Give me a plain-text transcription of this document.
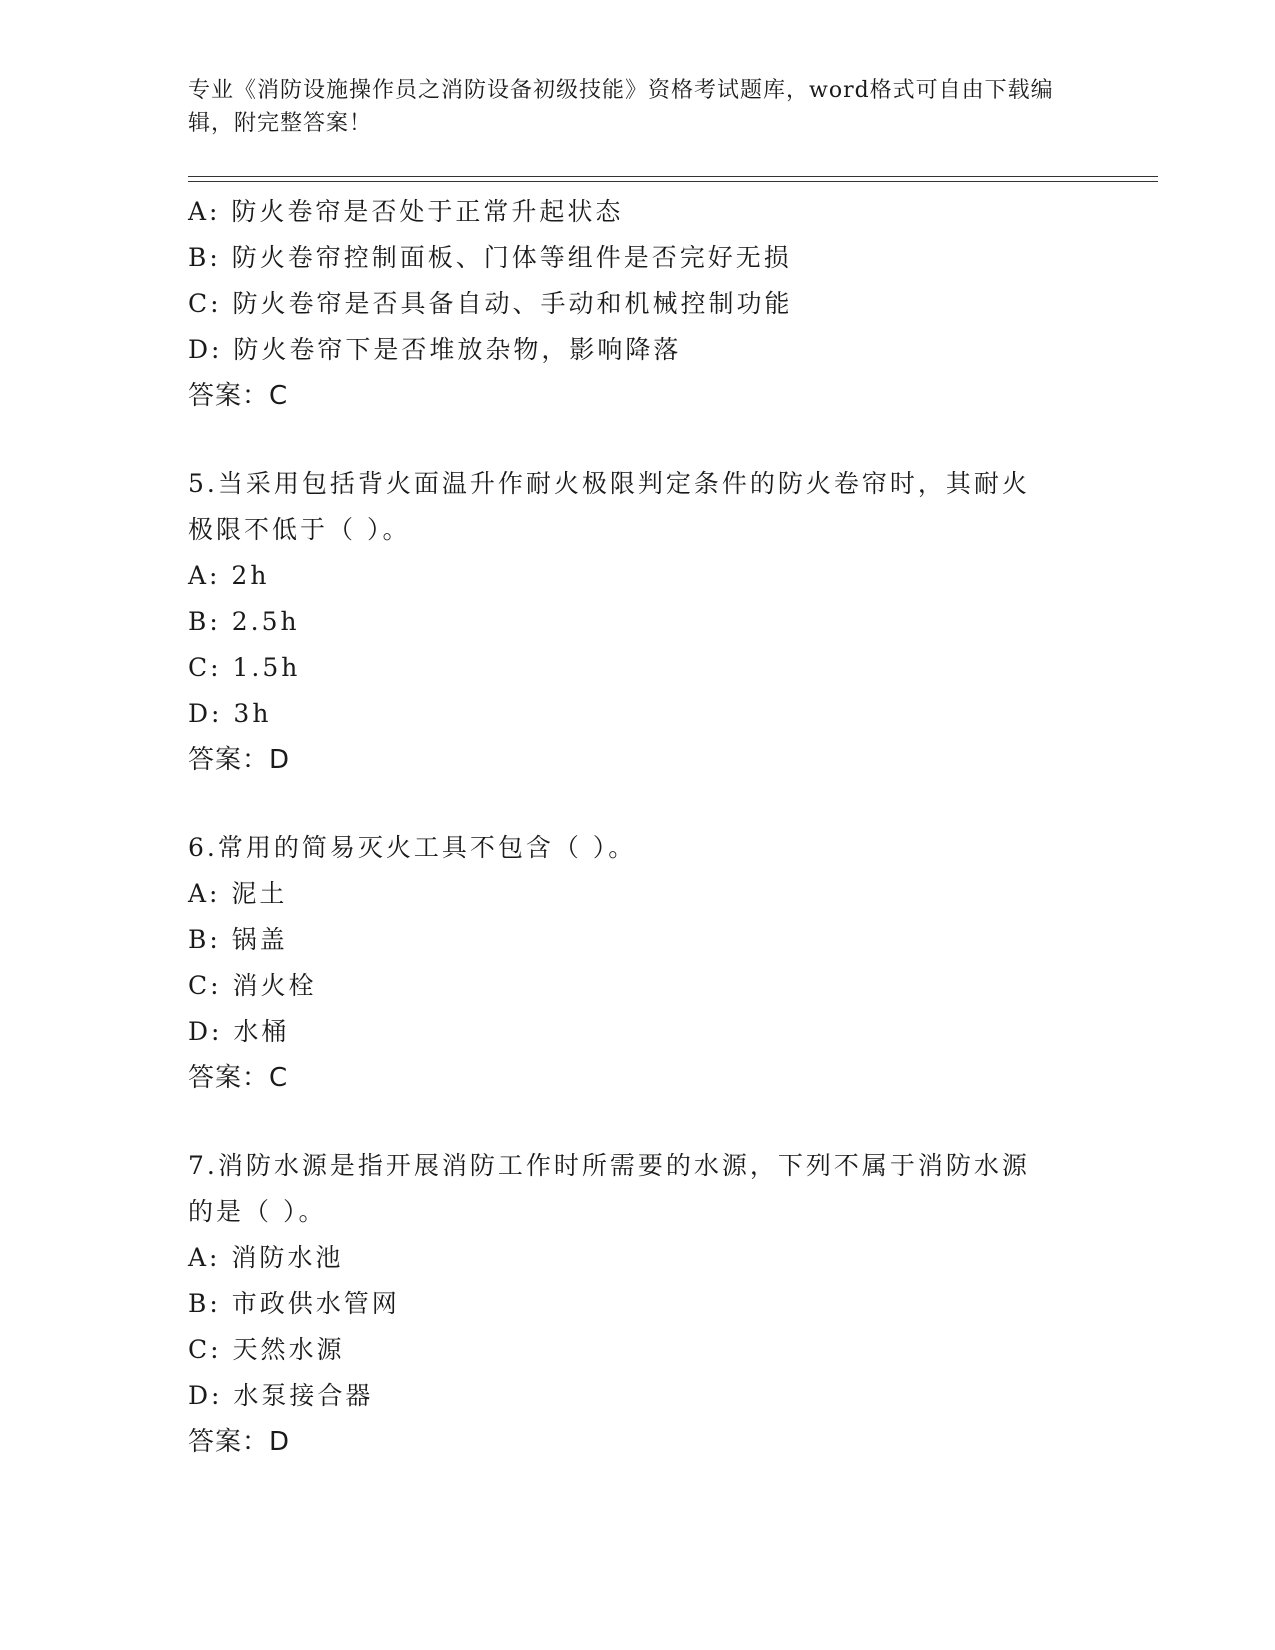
专业《消防设施操作员之消防设备初级技能》资格考试题库，word格式可自由下载编辑，附完整答案！
A: 防火卷帘是否处于正常升起状态
B: 防火卷帘控制面板、门体等组件是否完好无损
C: 防火卷帘是否具备自动、手动和机械控制功能
D: 防火卷帘下是否堆放杂物，影响降落
答案：C
5.当采用包括背火面温升作耐火极限判定条件的防火卷帘时，其耐火
极限不低于（ ）。
A: 2h
B: 2.5h
C: 1.5h
D: 3h
答案：D
6.常用的简易灭火工具不包含（ ）。
A: 泥土
B: 锅盖
C: 消火栓
D: 水桶
答案：C
7.消防水源是指开展消防工作时所需要的水源，下列不属于消防水源
的是（ ）。
A: 消防水池
B: 市政供水管网
C: 天然水源
D: 水泵接合器
答案：D
